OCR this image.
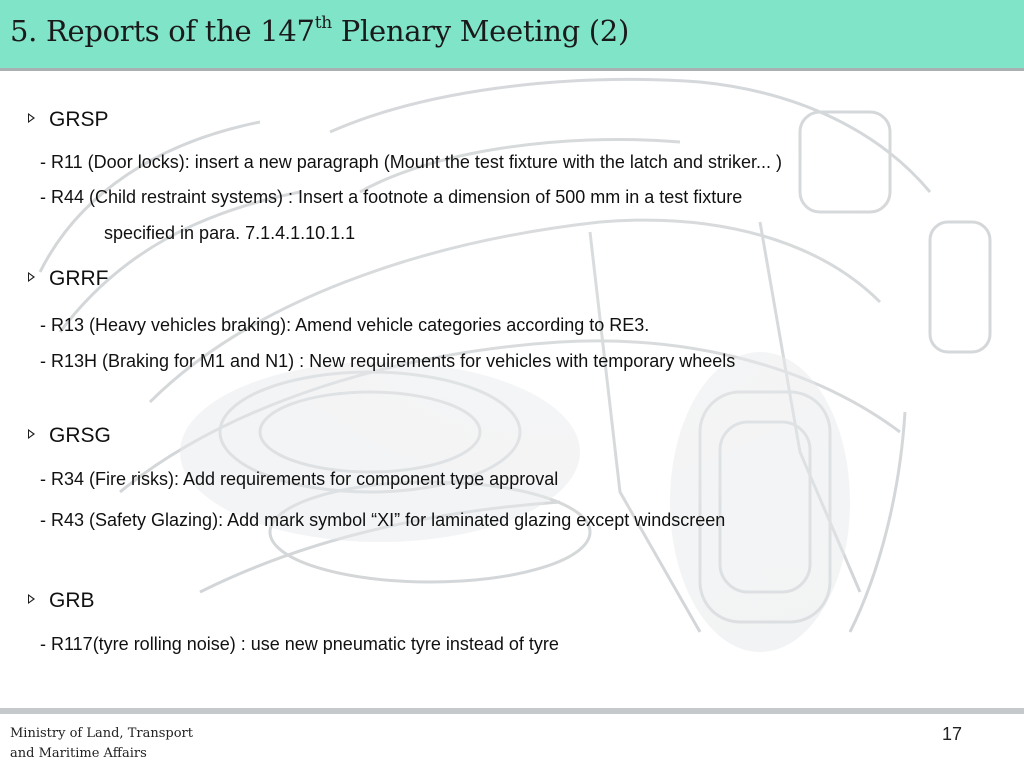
5. Reports of the 147th Plenary Meeting (2)
GRSP
- R11 (Door locks): insert a new paragraph (Mount the test fixture with the latch and striker... )
- R44 (Child restraint systems) : Insert a footnote a dimension of 500 mm in a test fixture
specified in para. 7.1.4.1.10.1.1
GRRF
- R13 (Heavy vehicles braking): Amend vehicle categories according to RE3.
- R13H (Braking for M1 and N1) : New requirements for vehicles with temporary wheels
GRSG
- R34 (Fire risks): Add requirements for component type approval
- R43 (Safety Glazing): Add mark symbol “XI” for laminated glazing except windscreen
GRB
- R117(tyre rolling noise) : use new pneumatic tyre instead of tyre
Ministry of Land, Transport
and Maritime Affairs
17
